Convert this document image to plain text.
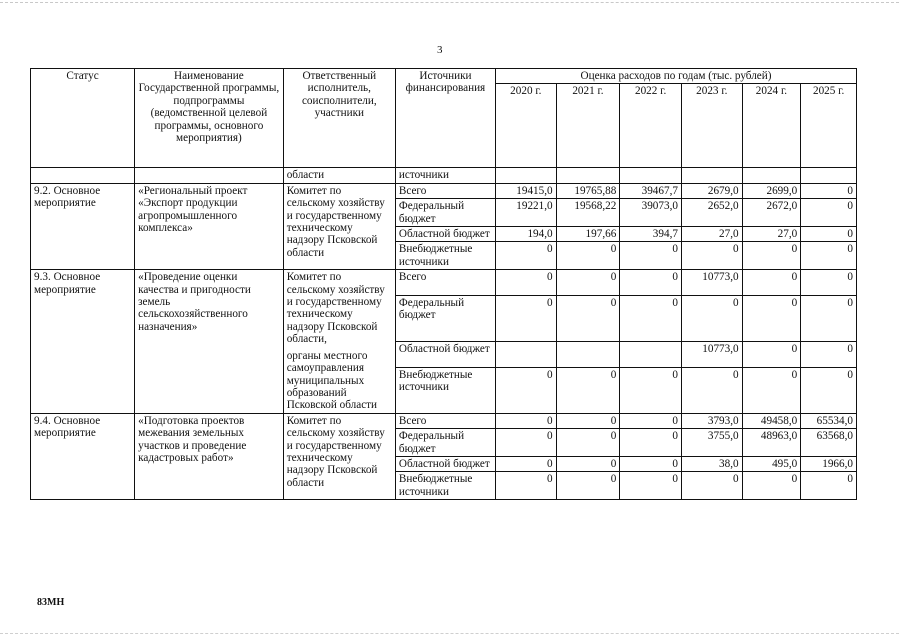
3
Статус	Наименование Государственной программы, подпрограммы (ведомственной целевой программы, основного мероприятия)	Ответственный исполнитель, соисполнители, участники	Источники финансирования	Оценка расходов по годам (тыс. рублей)					
				2020 г.	2021 г.	2022 г.	2023 г.	2024 г.	2025 г.
		области	источники						
9.2. Основное мероприятие	«Региональный проект «Экспорт продукции агропромышленного комплекса»	Комитет по сельскому хозяйству и государственному техническому надзору Псковской области	Всего	19415,0	19765,88	39467,7	2679,0	2699,0	0
			Федеральный бюджет	19221,0	19568,22	39073,0	2652,0	2672,0	0
			Областной бюджет	194,0	197,66	394,7	27,0	27,0	0
			Внебюджетные источники	0	0	0	0	0	0
9.3. Основное мероприятие	«Проведение оценки качества и пригодности земель сельскохозяйственного назначения»	Комитет по сельскому хозяйству и государственному техническому надзору Псковской области,
органы местного самоуправления муниципальных образований Псковской области	Всего	0	0	0	10773,0	0	0
			Федеральный бюджет	0	0	0	0	0	0
			Областной бюджет				10773,0	0	0
			Внебюджетные источники	0	0	0	0	0	0
9.4. Основное мероприятие	«Подготовка проектов межевания земельных участков и проведение кадастровых работ»	Комитет по сельскому хозяйству и государственному техническому надзору Псковской области	Всего	0	0	0	3793,0	49458,0	65534,0
			Федеральный бюджет	0	0	0	3755,0	48963,0	63568,0
			Областной бюджет	0	0	0	38,0	495,0	1966,0
			Внебюджетные источники	0	0	0	0	0	0
83МН
